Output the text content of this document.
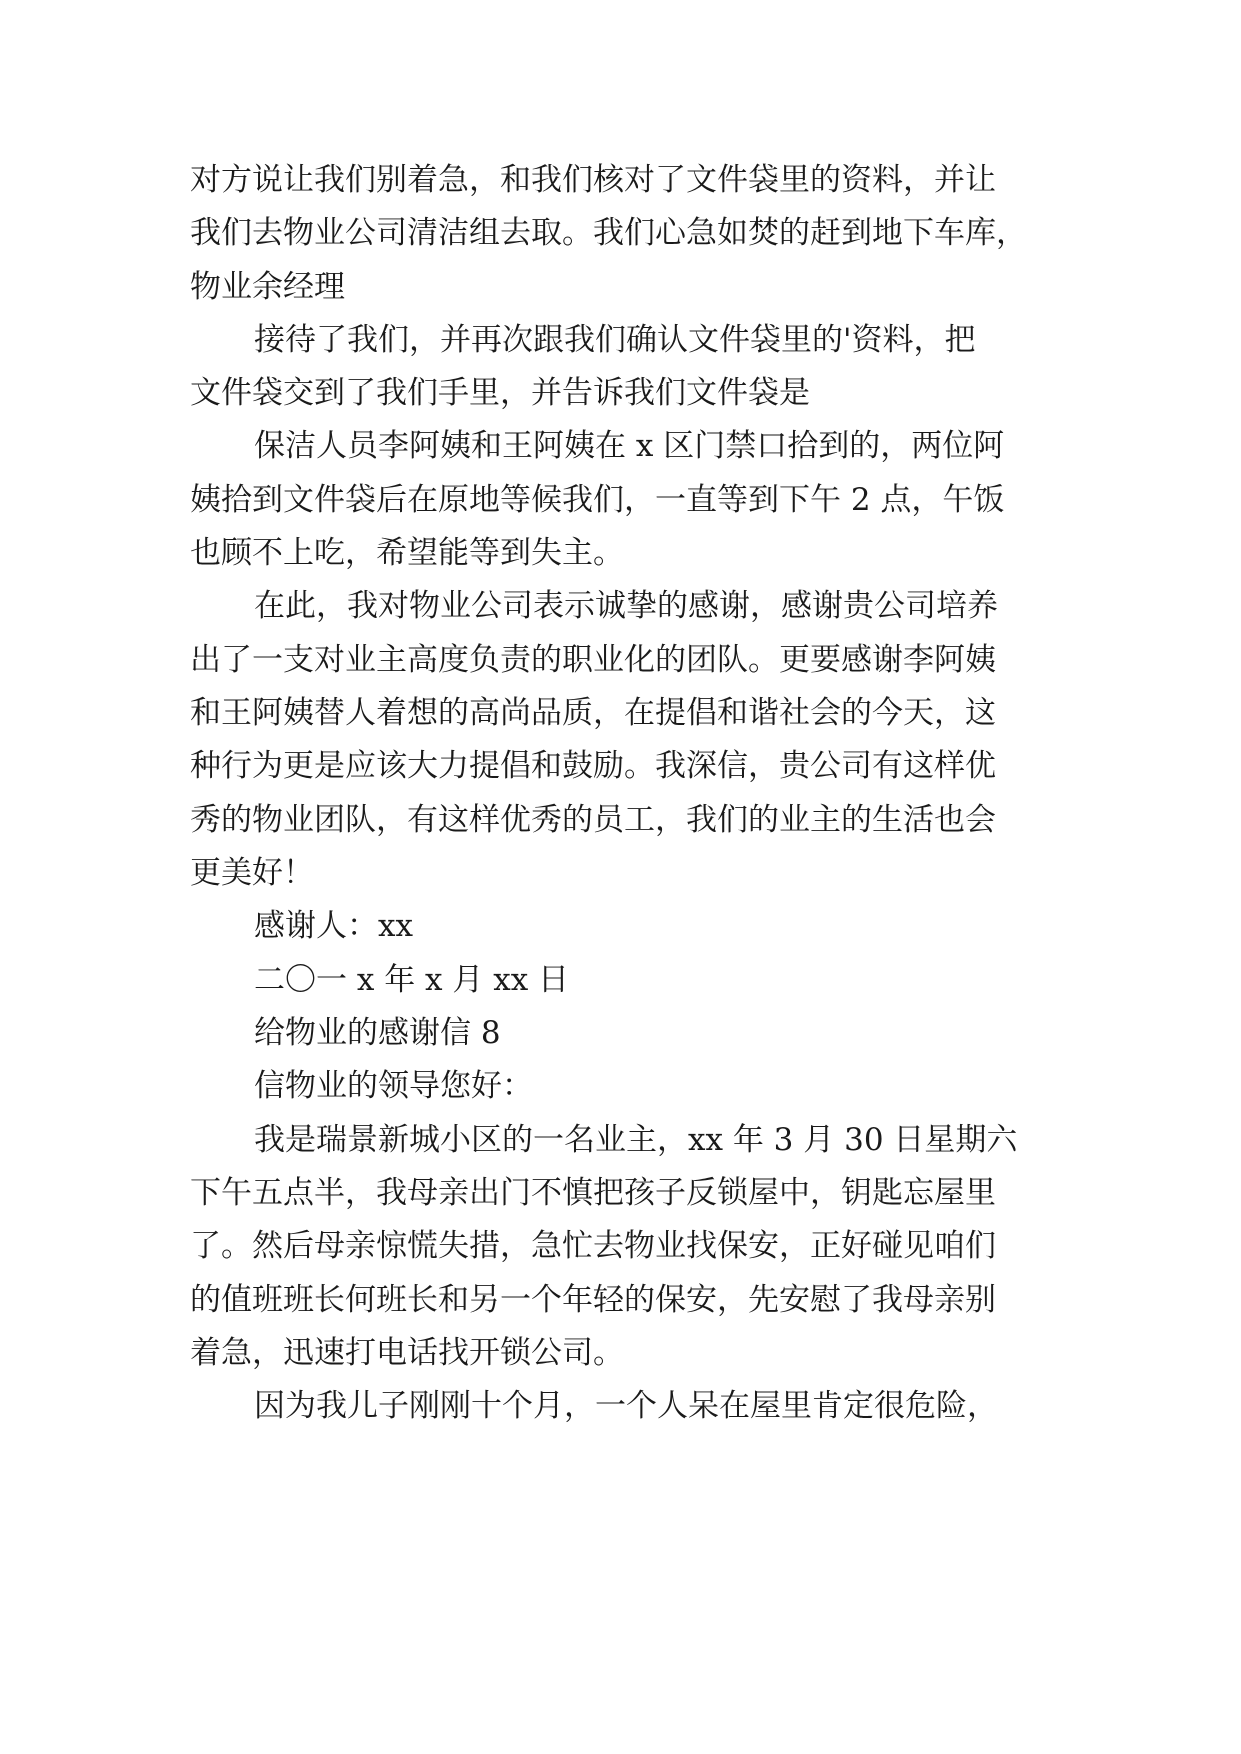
对方说让我们别着急，和我们核对了文件袋里的资料，并让
我们去物业公司清洁组去取。我们心急如焚的赶到地下车库，
物业余经理
接待了我们，并再次跟我们确认文件袋里的'资料，把
文件袋交到了我们手里，并告诉我们文件袋是
保洁人员李阿姨和王阿姨在 x 区门禁口拾到的，两位阿
姨拾到文件袋后在原地等候我们，一直等到下午 2 点，午饭
也顾不上吃，希望能等到失主。
在此，我对物业公司表示诚挚的感谢，感谢贵公司培养
出了一支对业主高度负责的职业化的团队。更要感谢李阿姨
和王阿姨替人着想的高尚品质，在提倡和谐社会的今天，这
种行为更是应该大力提倡和鼓励。我深信，贵公司有这样优
秀的物业团队，有这样优秀的员工，我们的业主的生活也会
更美好！
感谢人：xx
二〇一 x 年 x 月 xx 日
给物业的感谢信 8
信物业的领导您好：
我是瑞景新城小区的一名业主，xx 年 3 月 30 日星期六
下午五点半，我母亲出门不慎把孩子反锁屋中，钥匙忘屋里
了。然后母亲惊慌失措，急忙去物业找保安，正好碰见咱们
的值班班长何班长和另一个年轻的保安，先安慰了我母亲别
着急，迅速打电话找开锁公司。
因为我儿子刚刚十个月，一个人呆在屋里肯定很危险，
